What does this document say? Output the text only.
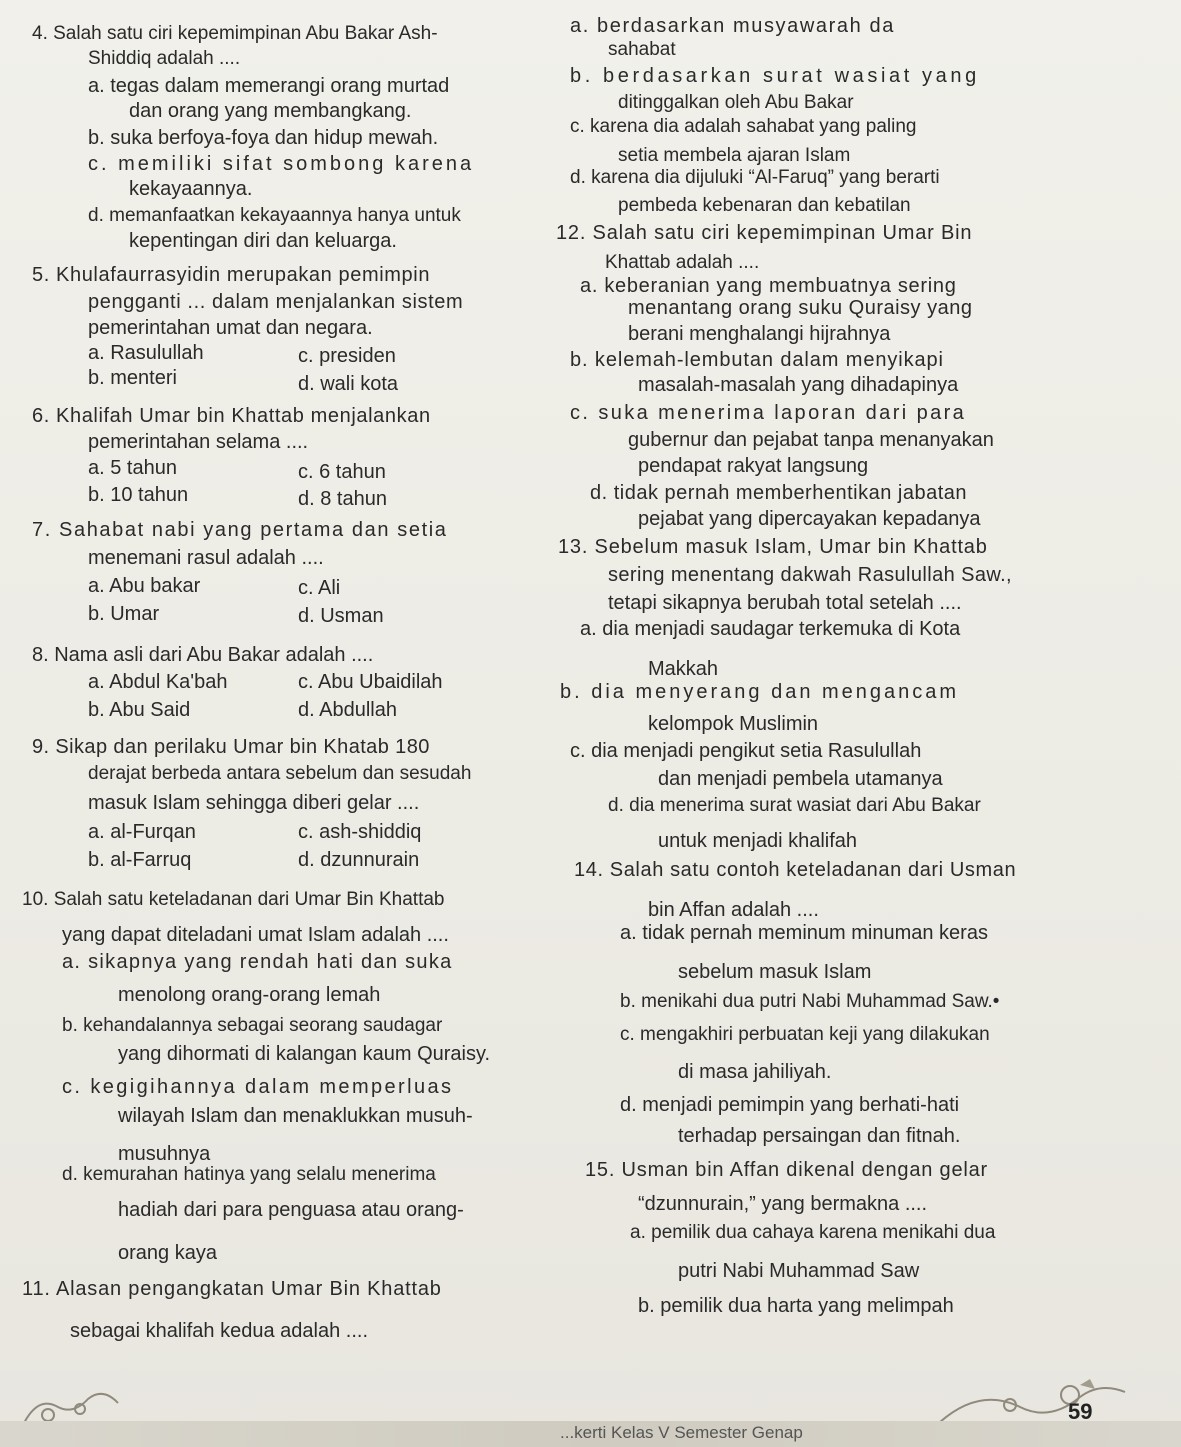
4. Salah satu ciri kepemimpinan Abu Bakar Ash-
Shiddiq adalah ....
a. tegas dalam memerangi orang murtad
dan orang yang membangkang.
b. suka berfoya-foya dan hidup mewah.
c. memiliki sifat sombong karena
kekayaannya.
d. memanfaatkan kekayaannya hanya untuk
kepentingan diri dan keluarga.
5. Khulafaurrasyidin merupakan pemimpin
pengganti ... dalam menjalankan sistem
pemerintahan umat dan negara.
a. Rasulullah	c. presiden
b. menteri	d. wali kota
6. Khalifah Umar bin Khattab menjalankan
pemerintahan selama ....
a. 5 tahun	c. 6 tahun
b. 10 tahun	d. 8 tahun
7. Sahabat nabi yang pertama dan setia
menemani rasul adalah ....
a. Abu bakar	c. Ali
b. Umar	d. Usman
8. Nama asli dari Abu Bakar adalah ....
a. Abdul Ka'bah	c. Abu Ubaidilah
b. Abu Said	d. Abdullah
9. Sikap dan perilaku Umar bin Khatab 180
derajat berbeda antara sebelum dan sesudah
masuk Islam sehingga diberi gelar ....
a. al-Furqan	c. ash-shiddiq
b. al-Farruq	d. dzunnurain
10. Salah satu keteladanan dari Umar Bin Khattab
yang dapat diteladani umat Islam adalah ....
a. sikapnya yang rendah hati dan suka
menolong orang-orang lemah
b. kehandalannya sebagai seorang saudagar
yang dihormati di kalangan kaum Quraisy.
c. kegigihannya dalam memperluas
wilayah Islam dan menaklukkan musuh-
musuhnya
d. kemurahan hatinya yang selalu menerima
hadiah dari para penguasa atau orang-
orang kaya
11. Alasan pengangkatan Umar Bin Khattab
sebagai khalifah kedua adalah ....
a. berdasarkan musyawarah da
sahabat
b. berdasarkan surat wasiat yang
ditinggalkan oleh Abu Bakar
c. karena dia adalah sahabat yang paling
setia membela ajaran Islam
d. karena dia dijuluki “Al-Faruq” yang berarti
pembeda kebenaran dan kebatilan
12. Salah satu ciri kepemimpinan Umar Bin
Khattab adalah ....
a. keberanian yang membuatnya sering
menantang orang suku Quraisy yang
berani menghalangi hijrahnya
b. kelemah-lembutan dalam menyikapi
masalah-masalah yang dihadapinya
c. suka menerima laporan dari para
gubernur dan pejabat tanpa menanyakan
pendapat rakyat langsung
d. tidak pernah memberhentikan jabatan
pejabat yang dipercayakan kepadanya
13. Sebelum masuk Islam, Umar bin Khattab
sering menentang dakwah Rasulullah Saw.,
tetapi sikapnya berubah total setelah ....
a. dia menjadi saudagar terkemuka di Kota
Makkah
b. dia menyerang dan mengancam
kelompok Muslimin
c. dia menjadi pengikut setia Rasulullah
dan menjadi pembela utamanya
d. dia menerima surat wasiat dari Abu Bakar
untuk menjadi khalifah
14. Salah satu contoh keteladanan dari Usman
bin Affan adalah ....
a. tidak pernah meminum minuman keras
sebelum masuk Islam
b. menikahi dua putri Nabi Muhammad Saw.•
c. mengakhiri perbuatan keji yang dilakukan
di masa jahiliyah.
d. menjadi pemimpin yang berhati-hati
terhadap persaingan dan fitnah.
15. Usman bin Affan dikenal dengan gelar
“dzunnurain,” yang bermakna ....
a. pemilik dua cahaya karena menikahi dua
putri Nabi Muhammad Saw
b. pemilik dua harta yang melimpah
...kerti Kelas V Semester Genap
59
